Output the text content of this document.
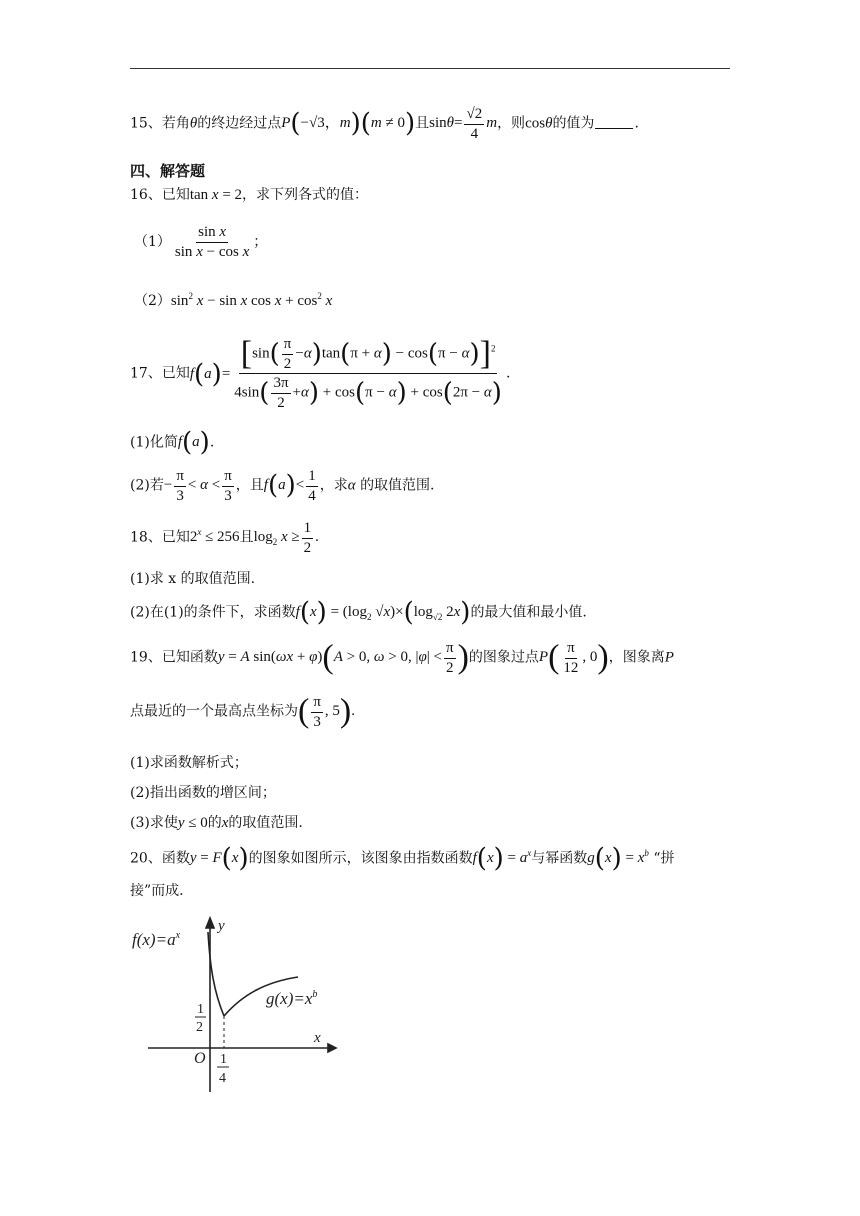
15、若角θ的终边经过点P(−√3，m)(m ≠ 0)且$\sin\theta= \frac{√2}{4}$ m，则cosθ的值为	.
四、解答题
16、已知tan x = 2，求下列各式的值：
$(1) \frac{\text{sin x}}{\text{sin x − cos x}}$ ；
$(2)\sin^2$ x − sin x $\cos x + \cos^2 x$
17、已知$f(a)= \frac{[\sin( \frac{\pi}{2} -\alpha)\tan(\pi + \alpha) - \cos(\pi - \alpha)]^2}{4\sin( \frac{3\pi}{2} +\alpha) + \cos(\pi - \alpha) + \cos(2\pi - \alpha)}$ .
(1)化简f(a).
(2)若− $\frac{\pi}{3} < \alpha < \frac{\pi}{3}$ ，且$f(a)< \frac{1}{4}$ ，求α 的取值范围.
18、已知$2^x \le 256$且$\log_2 x \ge \frac{1}{2}$ .
(1)求 x 的取值范围.
(2)在(1)的条件下，求函数$f(x) = (\log_2$ $√x)\times(\log_{√2}$ 2x)的最大值和最小值.
19、已知函数y = A sin(ωx + φ)(A > 0, ω > 0, $|\varphi| < \frac{\pi}{2}$ )的图象过点$P( \frac{\pi}{12}$ , 0)，图象离P
点最近的一个最高点坐标为( $\frac{\pi}{3}$ , 5).
(1)求函数解析式；
(2)指出函数的增区间；
(3)求使y ≤ 0的x的取值范围.
20、函数y = F(x)的图象如图所示，该图象由指数函数$f(x) = a^x$与幂函数$g(x) = x^b$ “拼
接”而成.
$f(x)=a^x$
y
$g(x)=x^b$
1
2
O 1
4
x
